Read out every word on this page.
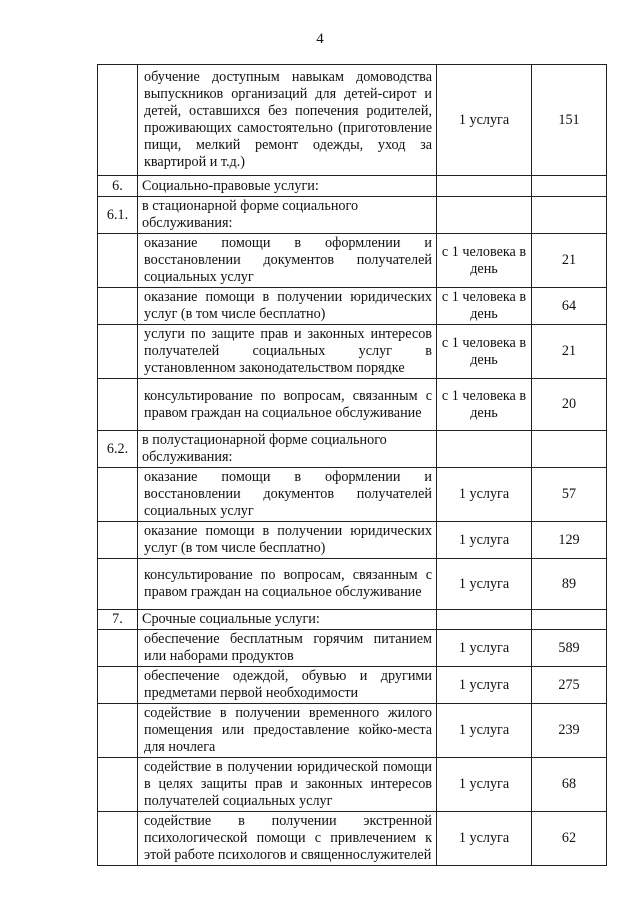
4
	обучение доступным навыкам домоводства выпускников организаций для детей-сирот и детей, оставшихся без попечения родителей, проживающих самостоятельно (приготовление пищи, мелкий ремонт одежды, уход за квартирой и т.д.)	1 услуга	151
6.	Социально-правовые услуги:		
6.1.	в стационарной форме социального обслуживания:		
	оказание помощи в оформлении и восстановлении документов получателей социальных услуг	с 1 человека в день	21
	оказание помощи в получении юридических услуг (в том числе бесплатно)	с 1 человека в день	64
	услуги по защите прав и законных интересов получателей социальных услуг в установленном законодательством порядке	с 1 человека в день	21
	консультирование по вопросам, связанным с правом граждан на социальное обслуживание	с 1 человека в день	20
6.2.	в полустационарной форме социального обслуживания:		
	оказание помощи в оформлении и восстановлении документов получателей социальных услуг	1 услуга	57
	оказание помощи в получении юридических услуг (в том числе бесплатно)	1 услуга	129
	консультирование по вопросам, связанным с правом граждан на социальное обслуживание	1 услуга	89
7.	Срочные социальные услуги:		
	обеспечение бесплатным горячим питанием или наборами продуктов	1 услуга	589
	обеспечение одеждой, обувью и другими предметами первой необходимости	1 услуга	275
	содействие в получении временного жилого помещения или предоставление койко-места для ночлега	1 услуга	239
	содействие в получении юридической помощи в целях защиты прав и законных интересов получателей социальных услуг	1 услуга	68
	содействие в получении экстренной психологической помощи с привлечением к этой работе психологов и священнослужителей	1 услуга	62
